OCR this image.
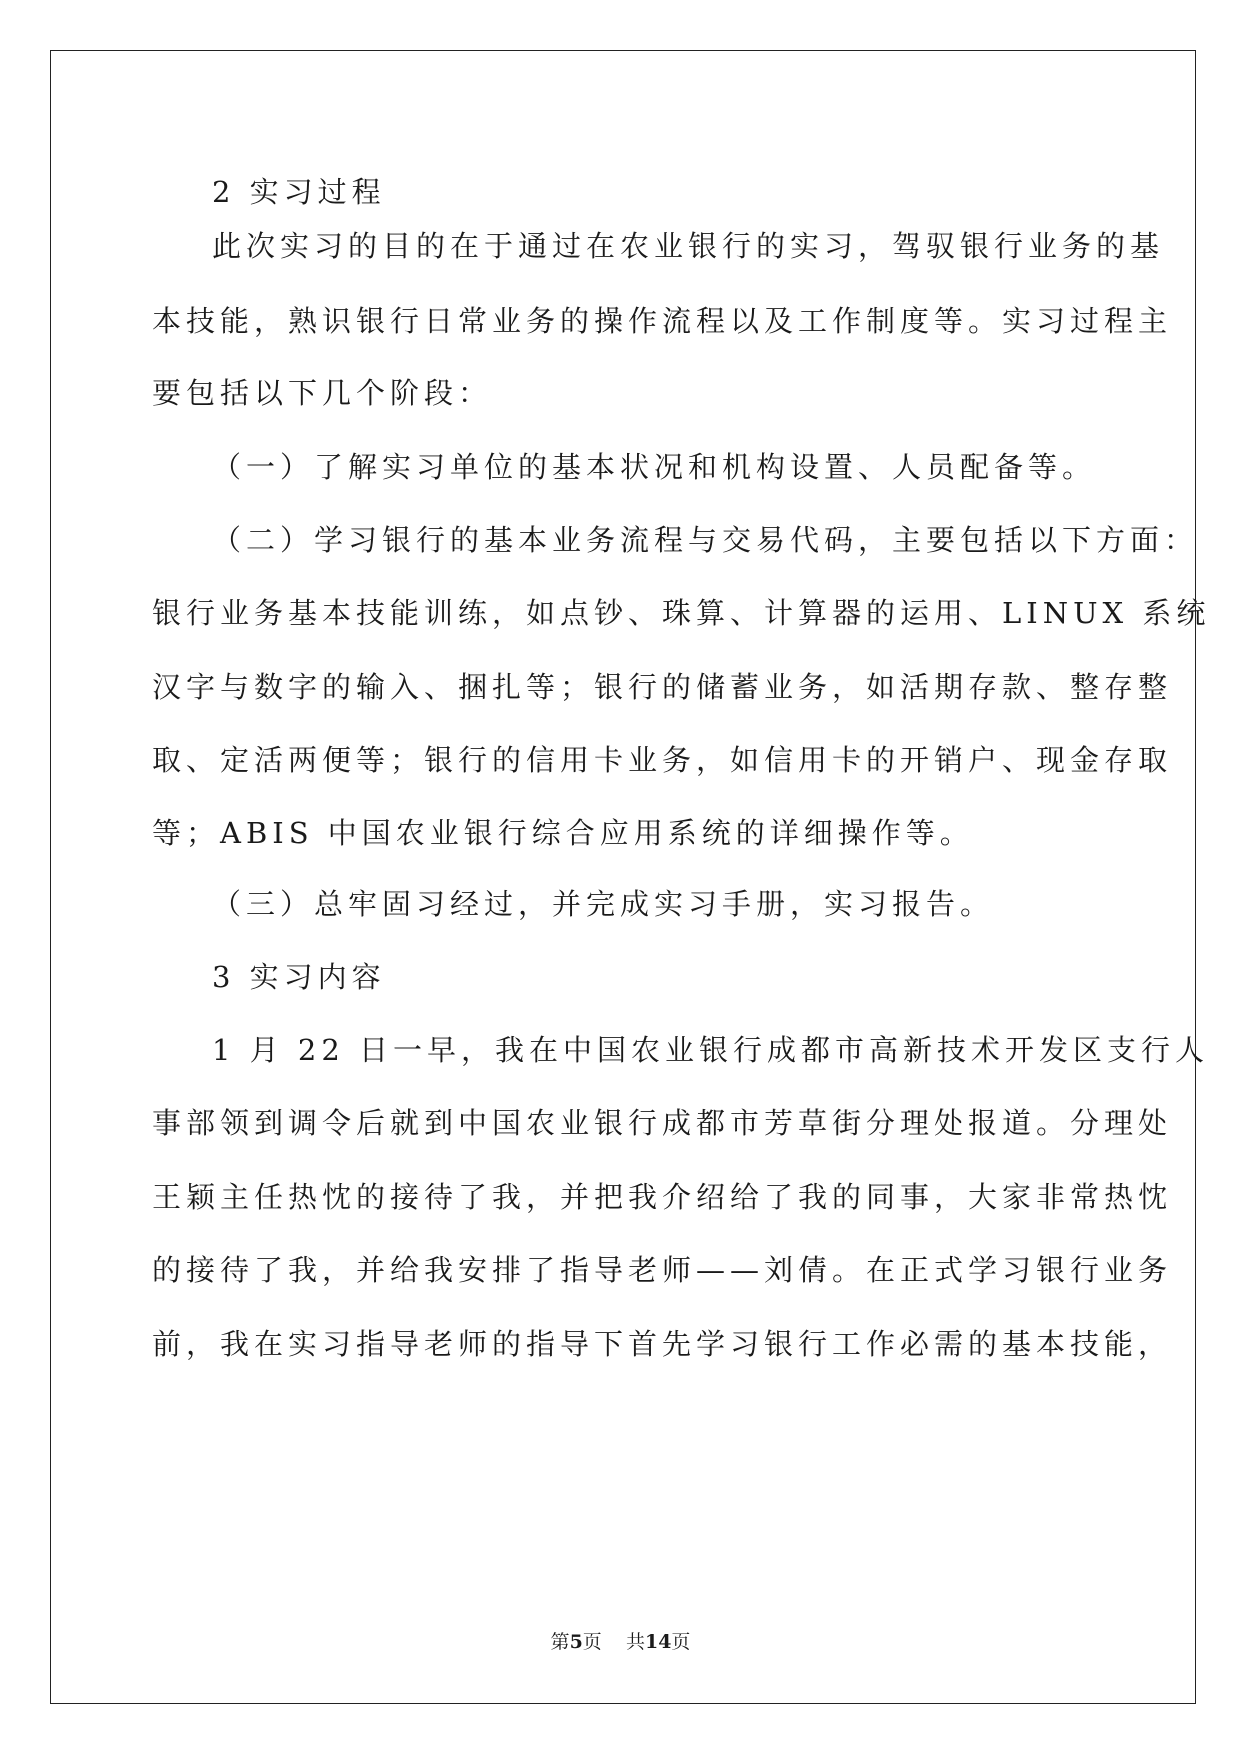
2 实习过程
此次实习的目的在于通过在农业银行的实习，驾驭银行业务的基
本技能，熟识银行日常业务的操作流程以及工作制度等。实习过程主
要包括以下几个阶段：
（一）了解实习单位的基本状况和机构设置、人员配备等。
（二）学习银行的基本业务流程与交易代码，主要包括以下方面：
银行业务基本技能训练，如点钞、珠算、计算器的运用、LINUX 系统
汉字与数字的输入、捆扎等；银行的储蓄业务，如活期存款、整存整
取、定活两便等；银行的信用卡业务，如信用卡的开销户、现金存取
等；ABIS 中国农业银行综合应用系统的详细操作等。
（三）总牢固习经过，并完成实习手册，实习报告。
3 实习内容
1 月 22 日一早，我在中国农业银行成都市高新技术开发区支行人
事部领到调令后就到中国农业银行成都市芳草街分理处报道。分理处
王颖主任热忱的接待了我，并把我介绍给了我的同事，大家非常热忱
的接待了我，并给我安排了指导老师——刘倩。在正式学习银行业务
前，我在实习指导老师的指导下首先学习银行工作必需的基本技能，
第5页    共14页
